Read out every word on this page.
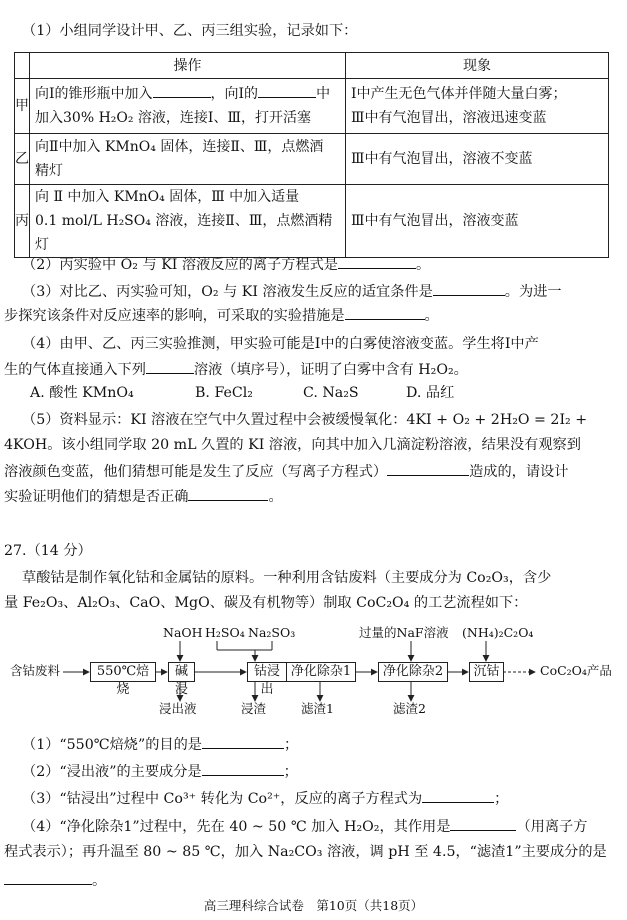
（1）小组同学设计甲、乙、丙三组实验，记录如下：
	操作	现象
甲	向Ⅰ的锥形瓶中加入 ，向Ⅰ的 中
加入30% H₂O₂ 溶液，连接Ⅰ、Ⅲ，打开活塞	Ⅰ中产生无色气体并伴随大量白雾；
Ⅲ中有气泡冒出，溶液迅速变蓝
乙	向Ⅱ中加入 KMnO₄ 固体，连接Ⅱ、Ⅲ，点燃酒
精灯	Ⅲ中有气泡冒出，溶液不变蓝
丙	向 Ⅱ 中加入 KMnO₄ 固体，Ⅲ 中加入适量
0.1 mol/L H₂SO₄ 溶液，连接Ⅱ、Ⅲ，点燃酒精灯	Ⅲ中有气泡冒出，溶液变蓝
（2）丙实验中 O₂ 与 KI 溶液反应的离子方程式是	。
（3）对比乙、丙实验可知，O₂ 与 KI 溶液发生反应的适宜条件是	。为进一
步探究该条件对反应速率的影响，可采取的实验措施是	。
（4）由甲、乙、丙三实验推测，甲实验可能是Ⅰ中的白雾使溶液变蓝。学生将Ⅰ中产
生的气体直接通入下列	溶液（填序号），证明了白雾中含有 H₂O₂。
A. 酸性 KMnO₄	B. FeCl₂	C. Na₂S	D. 品红
（5）资料显示：KI 溶液在空气中久置过程中会被缓慢氧化：4KI + O₂ + 2H₂O = 2I₂ +
4KOH。该小组同学取 20 mL 久置的 KI 溶液，向其中加入几滴淀粉溶液，结果没有观察到
溶液颜色变蓝，他们猜想可能是发生了反应（写离子方程式）	造成的，请设计
实验证明他们的猜想是否正确	。
27.（14 分）
草酸钴是制作氧化钴和金属钴的原料。一种利用含钴废料（主要成分为 Co₂O₃，含少
量 Fe₂O₃、Al₂O₃、CaO、MgO、碳及有机物等）制取 CoC₂O₄ 的工艺流程如下：
含钴废料	550℃焙烧
碱浸
钴浸出
净化除杂1	净化除杂2	沉钴	CoC₂O₄产品
NaOH H₂SO₄ Na₂SO₃	过量的NaF溶液 (NH₄)₂C₂O₄
浸出液	浸渣	滤渣1	滤渣2
（1）“550℃焙烧”的目的是	；
（2）“浸出液”的主要成分是	；
（3）“钴浸出”过程中 Co³⁺ 转化为 Co²⁺，反应的离子方程式为	；
（4）“净化除杂1”过程中，先在 40 ~ 50 ℃ 加入 H₂O₂，其作用是	（用离子方
程式表示）；再升温至 80 ~ 85 ℃，加入 Na₂CO₃ 溶液，调 pH 至 4.5，“滤渣1”主要成分的是
。
高三理科综合试卷　第10页（共18页）
